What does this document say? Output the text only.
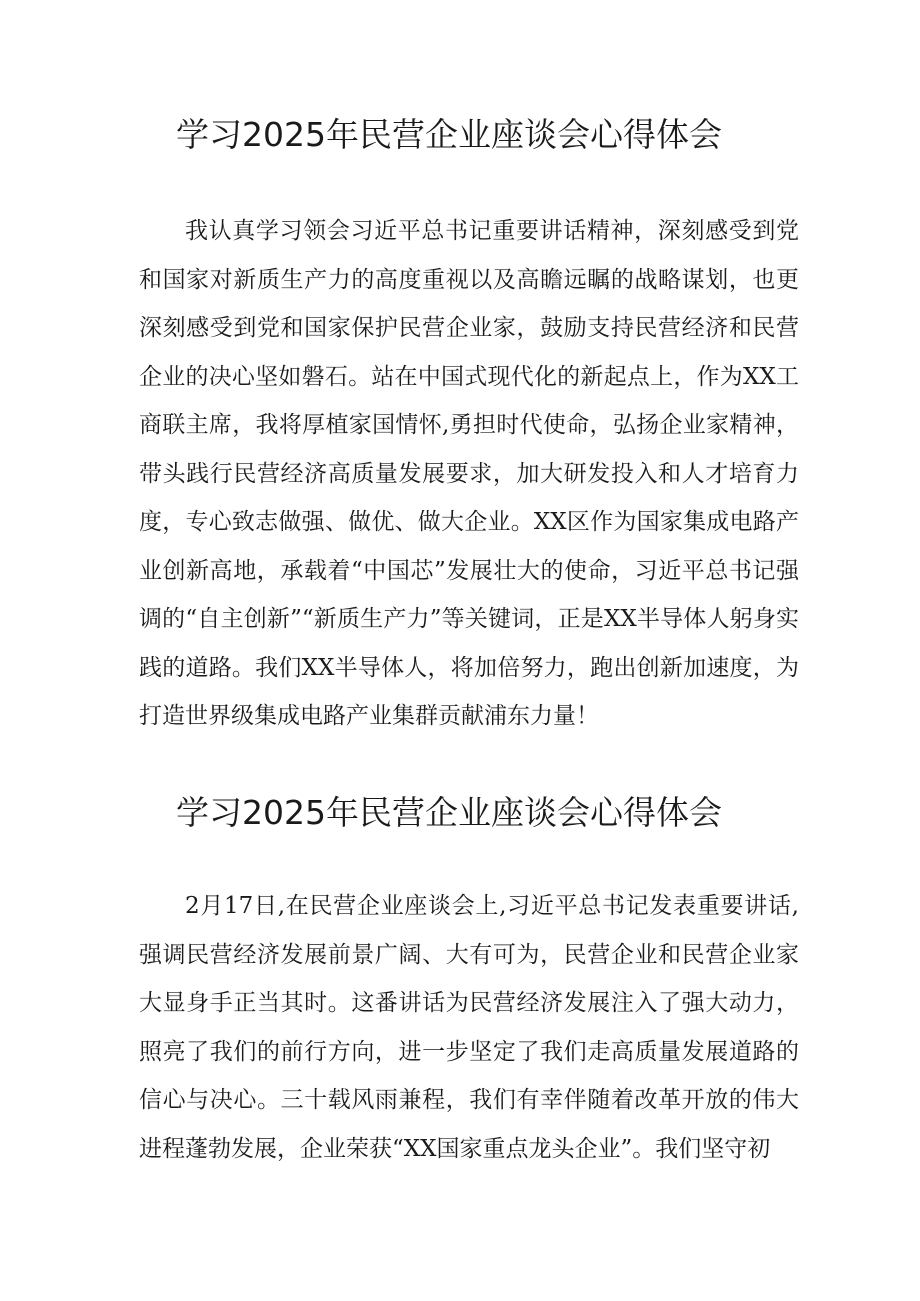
学习2025年民营企业座谈会心得体会

我认真学习领会习近平总书记重要讲话精神，深刻感受到党和国家对新质生产力的高度重视以及高瞻远瞩的战略谋划，也更深刻感受到党和国家保护民营企业家，鼓励支持民营经济和民营企业的决心坚如磐石。站在中国式现代化的新起点上，作为XX工商联主席，我将厚植家国情怀,勇担时代使命，弘扬企业家精神，带头践行民营经济高质量发展要求，加大研发投入和人才培育力度，专心致志做强、做优、做大企业。XX区作为国家集成电路产业创新高地，承载着“中国芯”发展壮大的使命，习近平总书记强调的“自主创新”“新质生产力”等关键词，正是XX半导体人躬身实践的道路。我们XX半导体人，将加倍努力，跑出创新加速度，为打造世界级集成电路产业集群贡献浦东力量！

学习2025年民营企业座谈会心得体会

2月17日,在民营企业座谈会上,习近平总书记发表重要讲话,强调民营经济发展前景广阔、大有可为，民营企业和民营企业家大显身手正当其时。这番讲话为民营经济发展注入了强大动力，照亮了我们的前行方向，进一步坚定了我们走高质量发展道路的信心与决心。三十载风雨兼程，我们有幸伴随着改革开放的伟大进程蓬勃发展，企业荣获“XX国家重点龙头企业”。我们坚守初
